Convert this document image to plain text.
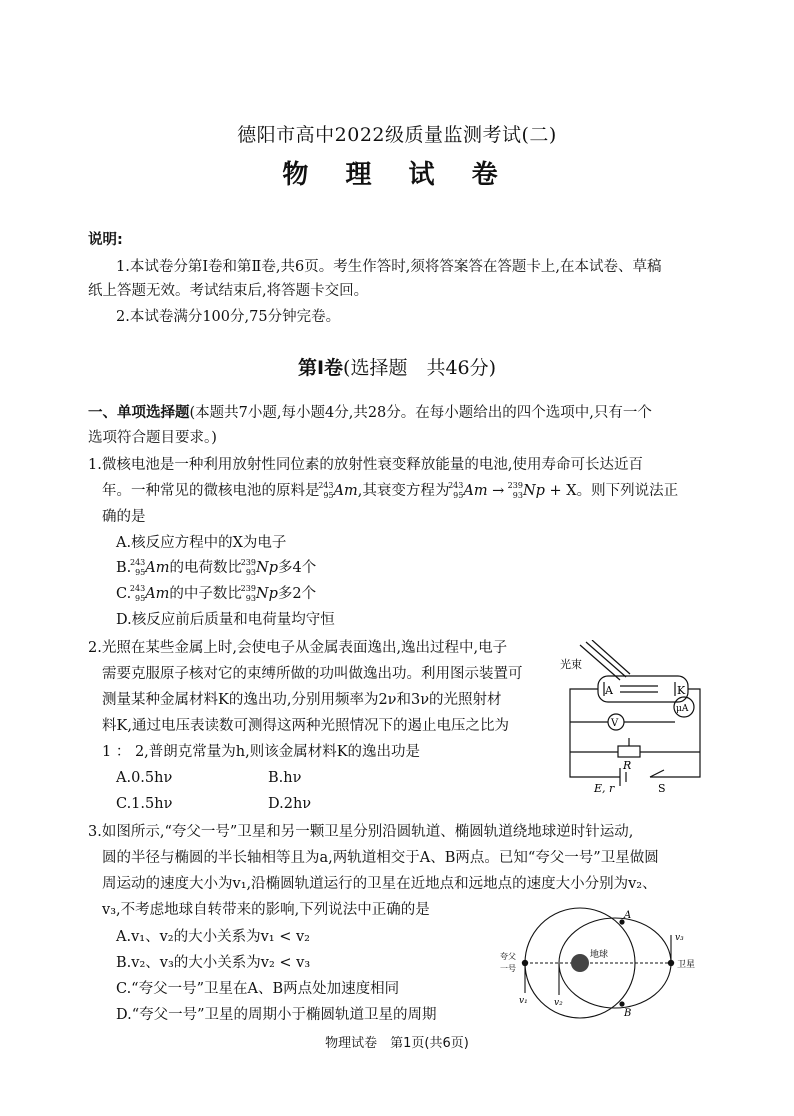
德阳市高中2022级质量监测考试(二)
物 理 试 卷
说明:
1.本试卷分第Ⅰ卷和第Ⅱ卷,共6页。考生作答时,须将答案答在答题卡上,在本试卷、草稿
纸上答题无效。考试结束后,将答题卡交回。
2.本试卷满分100分,75分钟完卷。
第Ⅰ卷(选择题　共46分)
一、单项选择题(本题共7小题,每小题4分,共28分。在每小题给出的四个选项中,只有一个
选项符合题目要求。)
1.微核电池是一种利用放射性同位素的放射性衰变释放能量的电池,使用寿命可长达近百
年。一种常见的微核电池的原料是
243
95 Am,其衰变方程为
243
95 Am →
239
93 Np + X。则下列说法正
确的是
A.核反应方程中的X为电子
B.
243
95 Am的电荷数比
239
93 Np多4个
C.
243
95 Am的中子数比
239
93 Np多2个
D.核反应前后质量和电荷量均守恒
2.光照在某些金属上时,会使电子从金属表面逸出,逸出过程中,电子
需要克服原子核对它的束缚所做的功叫做逸出功。利用图示装置可
测量某种金属材料K的逸出功,分别用频率为2ν和3ν的光照射材
料K,通过电压表读数可测得这两种光照情况下的遏止电压之比为
1 ： 2,普朗克常量为h,则该金属材料K的逸出功是
A.0.5hν	B.hν
C.1.5hν	D.2hν
光束
A	K
V
μA
R
E, r	S
3.如图所示,“夸父一号”卫星和另一颗卫星分别沿圆轨道、椭圆轨道绕地球逆时针运动,
圆的半径与椭圆的半长轴相等且为a,两轨道相交于A、B两点。已知“夸父一号”卫星做圆
周运动的速度大小为v₁,沿椭圆轨道运行的卫星在近地点和远地点的速度大小分别为v₂、
v₃,不考虑地球自转带来的影响,下列说法中正确的是
A.v₁、v₂的大小关系为v₁ < v₂
B.v₂、v₃的大小关系为v₂ < v₃
C.“夸父一号”卫星在A、B两点处加速度相同
D.“夸父一号”卫星的周期小于椭圆轨道卫星的周期
A
B
地球
卫星
夸父
一号
v₁	v₂
v₃
物理试卷　第1页(共6页)
